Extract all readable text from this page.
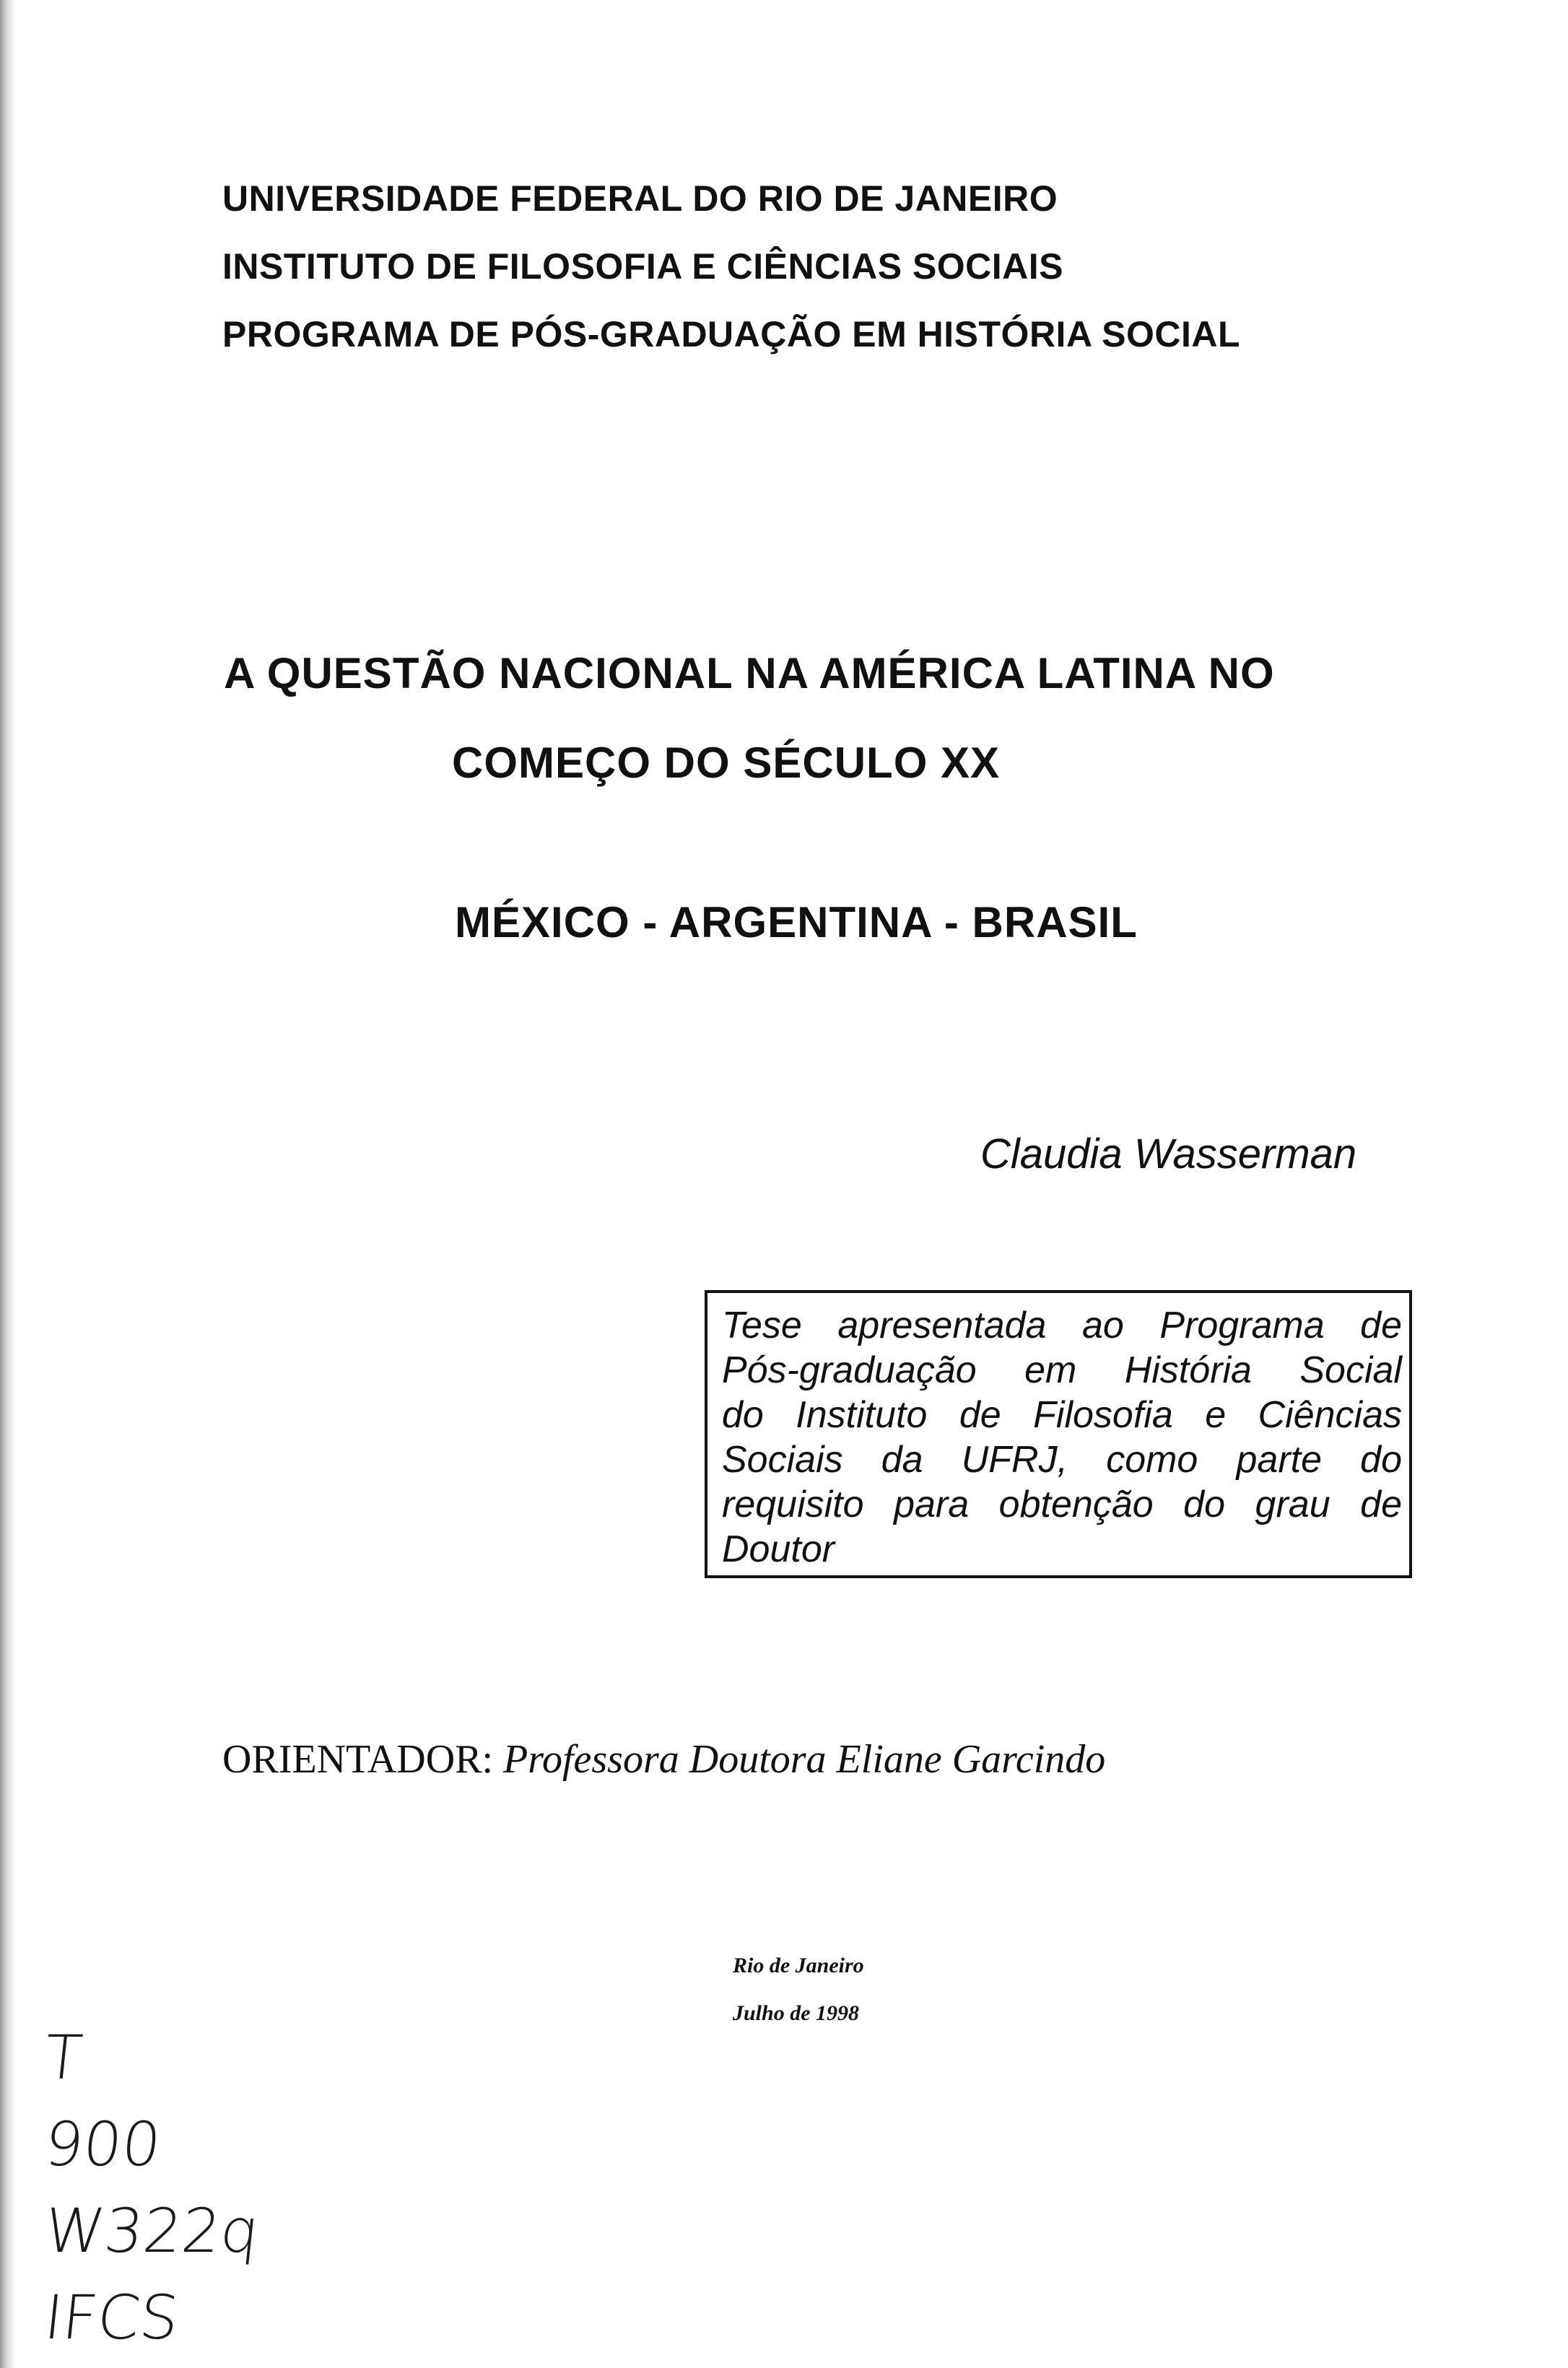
UNIVERSIDADE FEDERAL DO RIO DE JANEIRO
INSTITUTO DE FILOSOFIA E CIÊNCIAS SOCIAIS
PROGRAMA DE PÓS-GRADUAÇÃO EM HISTÓRIA SOCIAL
A QUESTÃO NACIONAL NA AMÉRICA LATINA NO
COMEÇO DO SÉCULO XX
MÉXICO - ARGENTINA - BRASIL
Claudia Wasserman
Tese apresentada ao Programa de
Pós-graduação em História Social
do Instituto de Filosofia e Ciências
Sociais da UFRJ, como parte do
requisito para obtenção do grau de
Doutor
ORIENTADOR: Professora Doutora Eliane Garcindo
Rio de Janeiro
Julho de 1998
T
900
W322q
IFCS
